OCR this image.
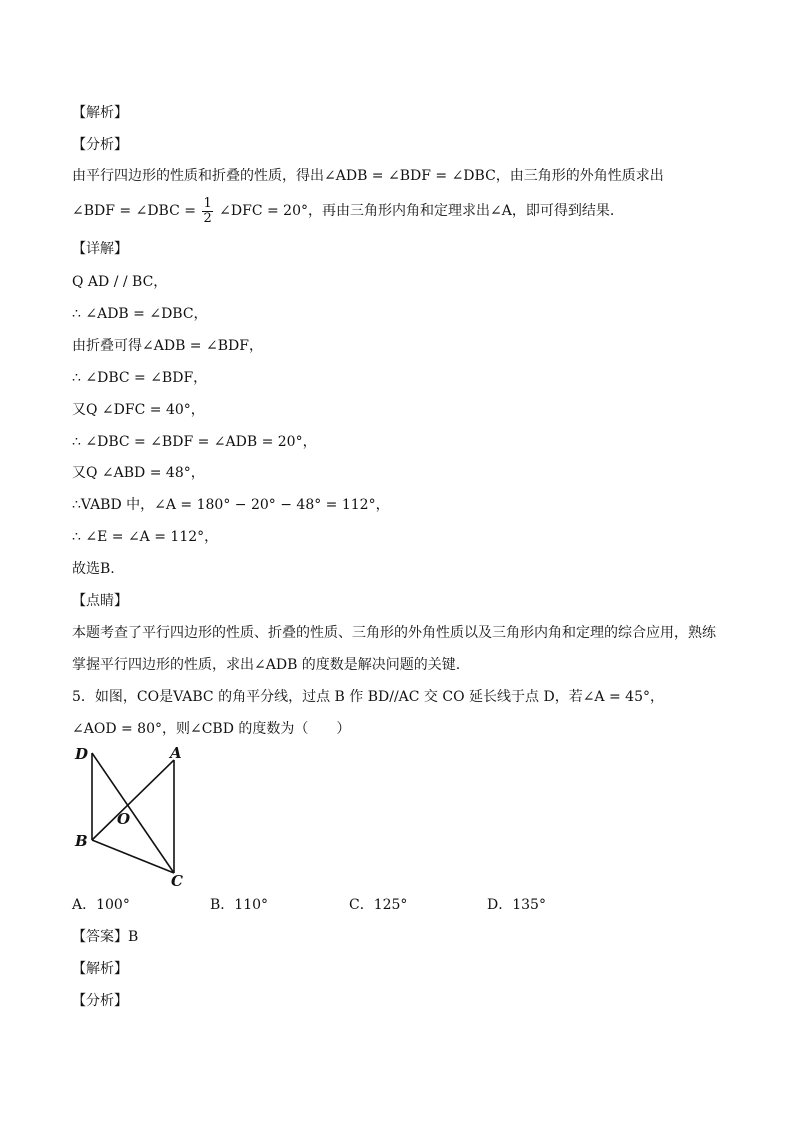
【解析】
【分析】
由平行四边形的性质和折叠的性质，得出∠ADB = ∠BDF = ∠DBC，由三角形的外角性质求出
∠BDF = ∠DBC = $\frac{1}{2}$ ∠DFC = 20°，再由三角形内角和定理求出∠A，即可得到结果.
【详解】
Q AD / / BC，
∴ ∠ADB = ∠DBC，
由折叠可得∠ADB = ∠BDF，
∴ ∠DBC = ∠BDF，
又Q ∠DFC = 40°，
∴ ∠DBC = ∠BDF = ∠ADB = 20°，
又Q ∠ABD = 48°，
∴VABD 中，∠A = 180° − 20° − 48° = 112°，
∴ ∠E = ∠A = 112°，
故选B.
【点睛】
本题考查了平行四边形的性质、折叠的性质、三角形的外角性质以及三角形内角和定理的综合应用，熟练
掌握平行四边形的性质，求出∠ADB 的度数是解决问题的关键.
5．如图，CO是VABC 的角平分线，过点 B 作 BD//AC 交 CO 延长线于点 D，若∠A = 45°，
∠AOD = 80°，则∠CBD 的度数为（　　）
D	A
O
B
C
A．100°	B．110°	C．125°	D．135°
【答案】B
【解析】
【分析】
